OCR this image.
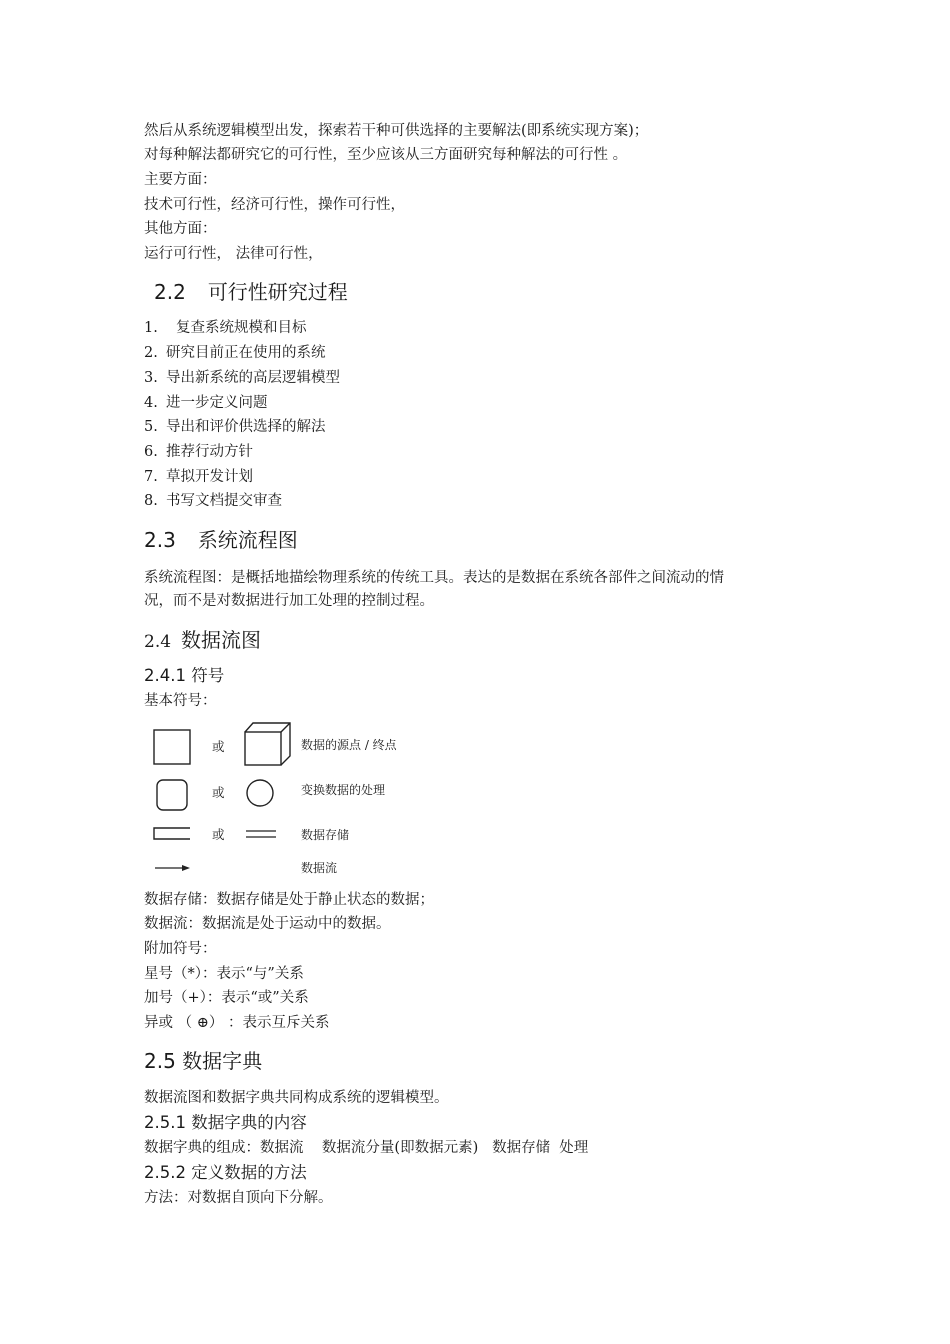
然后从系统逻辑模型出发，探索若干种可供选择的主要解法(即系统实现方案)；
对每种解法都研究它的可行性，至少应该从三方面研究每种解法的可行性 。
主要方面：
技术可行性，经济可行性，操作可行性，
其他方面：
运行可行性， 法律可行性，
2.2 可行性研究过程
1. 复查系统规模和目标
2. 研究目前正在使用的系统
3. 导出新系统的高层逻辑模型
4. 进一步定义问题
5. 导出和评价供选择的解法
6. 推荐行动方针
7. 草拟开发计划
8. 书写文档提交审查
2.3 系统流程图
系统流程图：是概括地描绘物理系统的传统工具。表达的是数据在系统各部件之间流动的情
况，而不是对数据进行加工处理的控制过程。
2.4 数据流图
2.4.1 符号
基本符号：
或
或
或
数据的源点 / 终点
变换数据的处理
数据存储
数据流
数据存储：数据存储是处于静止状态的数据；
数据流：数据流是处于运动中的数据。
附加符号：
星号（*）：表示“与”关系
加号（+）：表示“或”关系
异或 （ ⊕） ：表示互斥关系
2.5 数据字典
数据流图和数据字典共同构成系统的逻辑模型。
2.5.1 数据字典的内容
数据字典的组成：数据流    数据流分量(即数据元素)   数据存储  处理
2.5.2 定义数据的方法
方法：对数据自顶向下分解。
